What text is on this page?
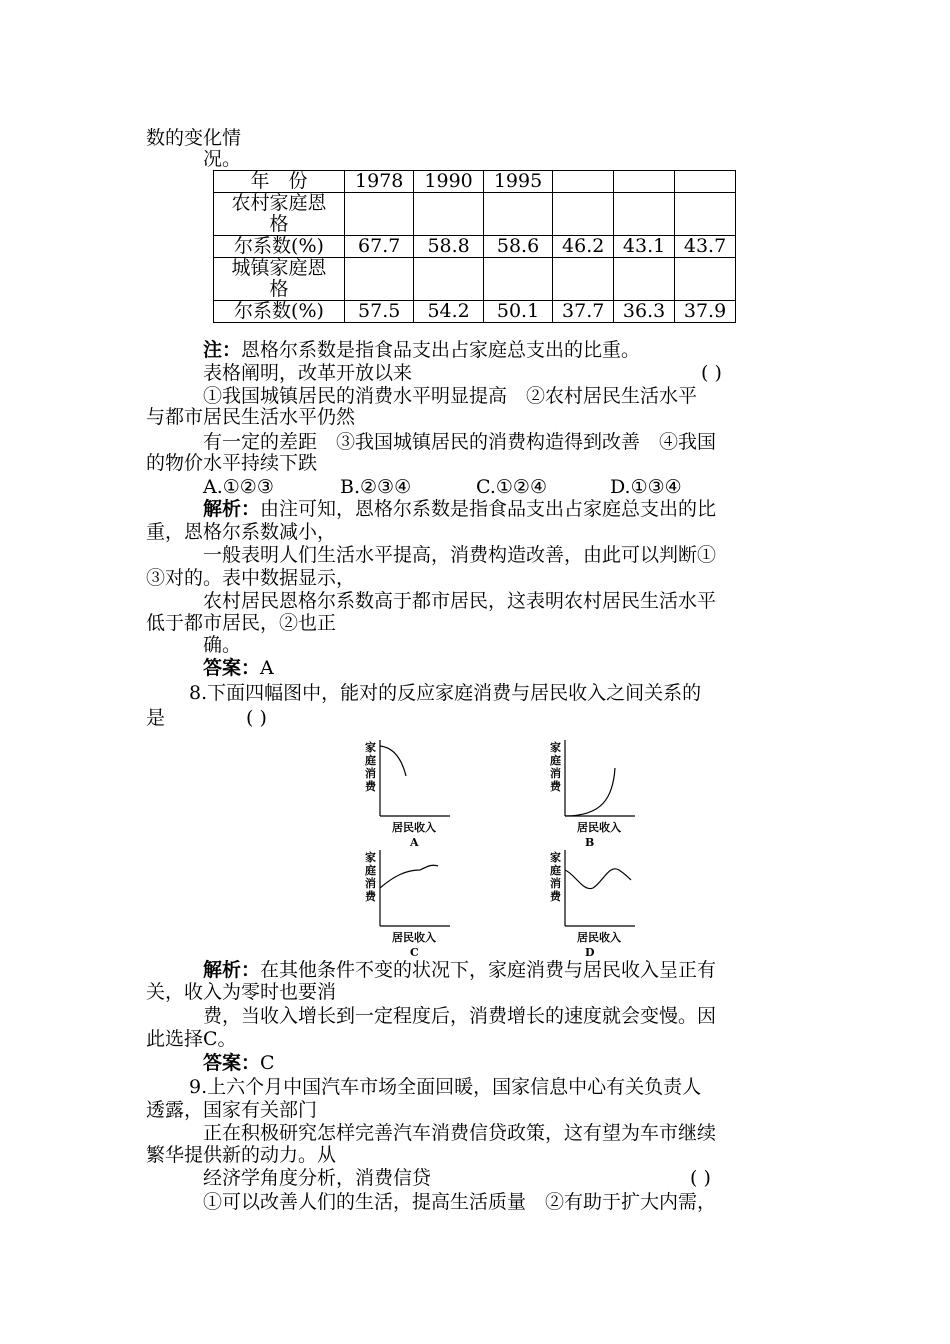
数的变化情
况。
年　份	1978	1990	1995			
农村家庭恩
格						
尔系数(%)	67.7	58.8	58.6	46.2	43.1	43.7
城镇家庭恩
格						
尔系数(%)	57.5	54.2	50.1	37.7	36.3	37.9
注：恩格尔系数是指食品支出占家庭总支出的比重。
表格阐明，改革开放以来	( )
①我国城镇居民的消费水平明显提高　②农村居民生活水平
与都市居民生活水平仍然
有一定的差距　③我国城镇居民的消费构造得到改善　④我国
的物价水平持续下跌
A.①②③	B.②③④	C.①②④	D.①③④
解析：由注可知，恩格尔系数是指食品支出占家庭总支出的比
重，恩格尔系数减小，
一般表明人们生活水平提高，消费构造改善，由此可以判断①
③对的。表中数据显示，
农村居民恩格尔系数高于都市居民，这表明农村居民生活水平
低于都市居民，②也正
确。
答案：A
8.下面四幅图中，能对的反应家庭消费与居民收入之间关系的
是	( )
家
庭
消
费
居民收入
A
家
庭
消
费
居民收入
B
家
庭
消
费
居民收入
C
家
庭
消
费
居民收入
D
解析：在其他条件不变的状况下，家庭消费与居民收入呈正有
关，收入为零时也要消
费，当收入增长到一定程度后，消费增长的速度就会变慢。因
此选择C。
答案：C
9.上六个月中国汽车市场全面回暖，国家信息中心有关负责人
透露，国家有关部门
正在积极研究怎样完善汽车消费信贷政策，这有望为车市继续
繁华提供新的动力。从
经济学角度分析，消费信贷	( )
①可以改善人们的生活，提高生活质量　②有助于扩大内需，
